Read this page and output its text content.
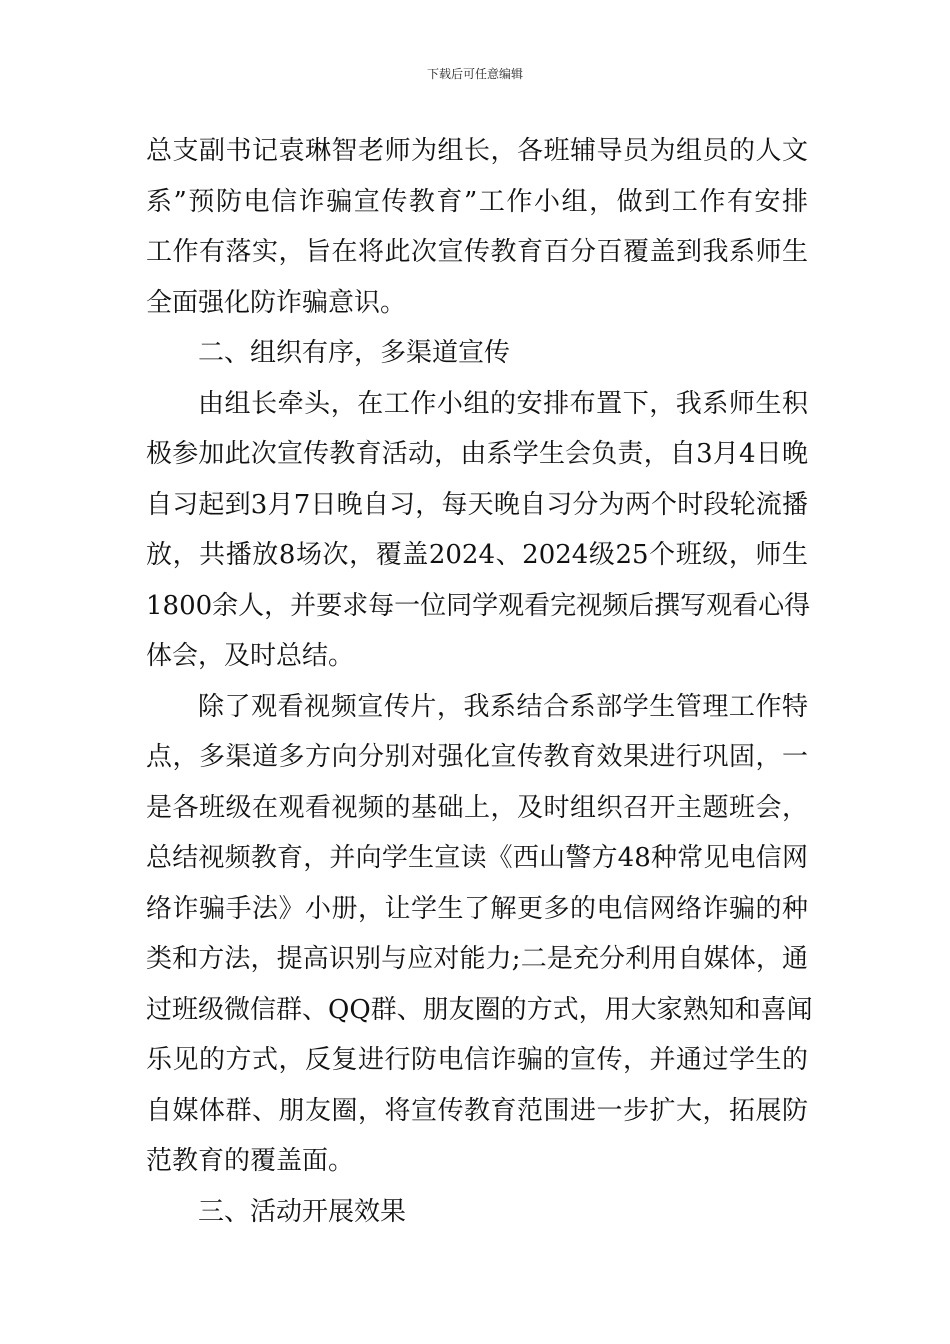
下载后可任意编辑
总支副书记袁琳智老师为组长，各班辅导员为组员的人文
系”预防电信诈骗宣传教育”工作小组，做到工作有安排
工作有落实，旨在将此次宣传教育百分百覆盖到我系师生
全面强化防诈骗意识。
二、组织有序，多渠道宣传
由组长牵头，在工作小组的安排布置下，我系师生积
极参加此次宣传教育活动，由系学生会负责，自3月4日晚
自习起到3月7日晚自习，每天晚自习分为两个时段轮流播
放，共播放8场次，覆盖2024、2024级25个班级，师生
1800余人，并要求每一位同学观看完视频后撰写观看心得
体会，及时总结。
除了观看视频宣传片，我系结合系部学生管理工作特
点，多渠道多方向分别对强化宣传教育效果进行巩固，一
是各班级在观看视频的基础上，及时组织召开主题班会，
总结视频教育，并向学生宣读《西山警方48种常见电信网
络诈骗手法》小册，让学生了解更多的电信网络诈骗的种
类和方法，提高识别与应对能力;二是充分利用自媒体，通
过班级微信群、QQ群、朋友圈的方式，用大家熟知和喜闻
乐见的方式，反复进行防电信诈骗的宣传，并通过学生的
自媒体群、朋友圈，将宣传教育范围进一步扩大，拓展防
范教育的覆盖面。
三、活动开展效果
